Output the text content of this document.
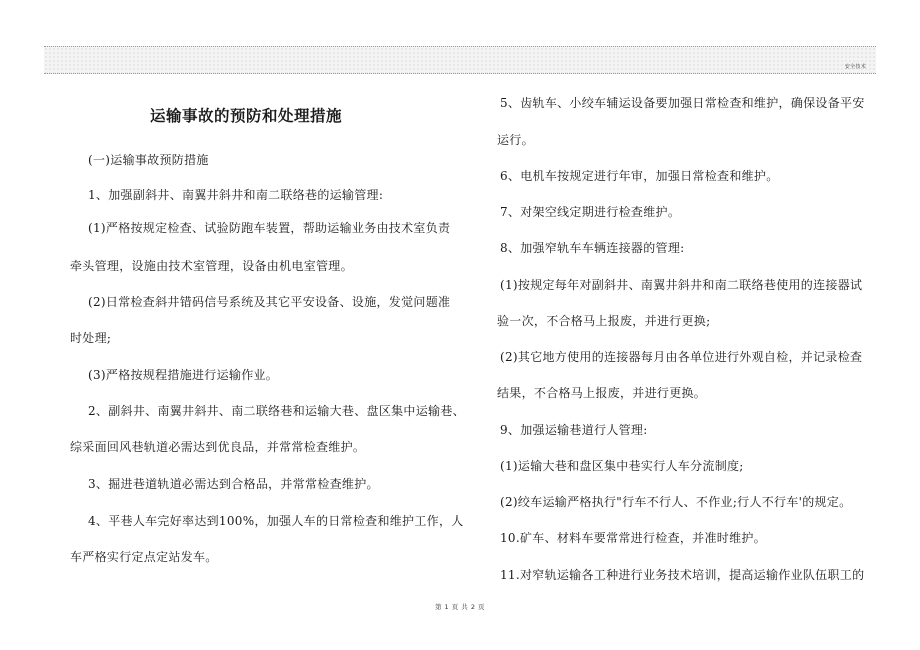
安全技术
运输事故的预防和处理措施
(一)运输事故预防措施
1、加强副斜井、南翼井斜井和南二联络巷的运输管理:
(1)严格按规定检查、试验防跑车装置，帮助运输业务由技术室负责
牵头管理，设施由技术室管理，设备由机电室管理。
(2)日常检查斜井错码信号系统及其它平安设备、设施，发觉问题准
时处理;
(3)严格按规程措施进行运输作业。
2、副斜井、南翼井斜井、南二联络巷和运输大巷、盘区集中运输巷、
综采面回风巷轨道必需达到优良品，并常常检查维护。
3、掘进巷道轨道必需达到合格品，并常常检查维护。
4、平巷人车完好率达到100%，加强人车的日常检查和维护工作，人
车严格实行定点定站发车。
5、齿轨车、小绞车辅运设备要加强日常检查和维护，确保设备平安
运行。
6、电机车按规定进行年审，加强日常检查和维护。
7、对架空线定期进行检查维护。
8、加强窄轨车车辆连接器的管理:
(1)按规定每年对副斜井、南翼井斜井和南二联络巷使用的连接器试
验一次，不合格马上报废，并进行更换;
(2)其它地方使用的连接器每月由各单位进行外观自检，并记录检查
结果，不合格马上报废，并进行更换。
9、加强运输巷道行人管理:
(1)运输大巷和盘区集中巷实行人车分流制度;
(2)绞车运输严格执行"行车不行人、不作业;行人不行车'的规定。
10.矿车、材料车要常常进行检查，并准时维护。
11.对窄轨运输各工种进行业务技术培训，提高运输作业队伍职工的
第 1 页 共 2 页
